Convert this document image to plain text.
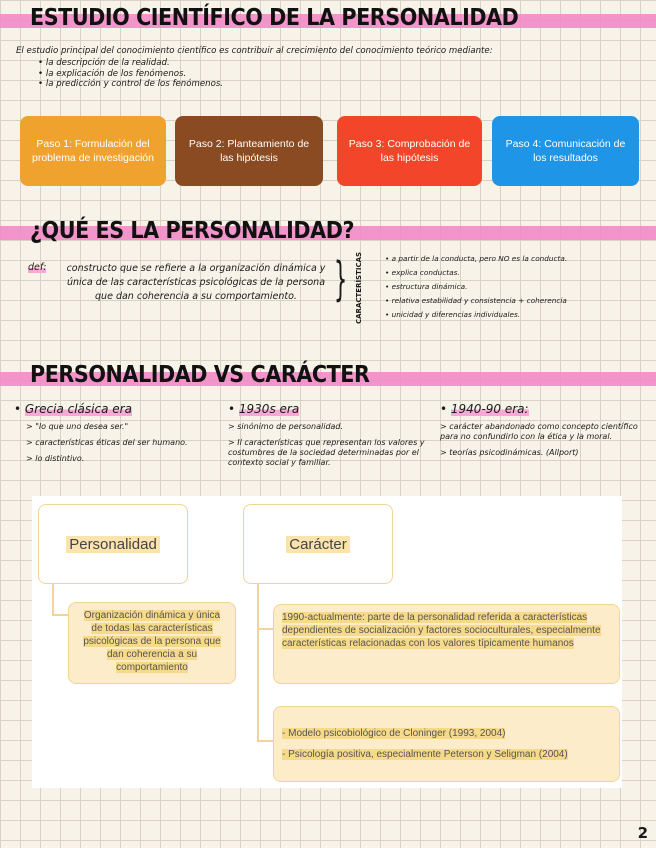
ESTUDIO CIENTÍFICO DE LA PERSONALIDAD
El estudio principal del conocimiento científico es contribuir al crecimiento del conocimiento teórico mediante:
• la descripción de la realidad.
• la explicación de los fenómenos.
• la predicción y control de los fenómenos.
Paso 1: Formulación del problema de investigación
Paso 2: Planteamiento de las hipótesis
Paso 3: Comprobación de las hipótesis
Paso 4: Comunicación de los resultados
¿QUÉ ES LA PERSONALIDAD?
def:	constructo que se refiere a la organización dinámica y única de las características psicológicas de la persona que dan coherencia a su comportamiento. } CARACTERÍSTICAS
•	a partir de la conducta, pero NO es la conducta.
• explica conductas.
• estructura dinámica.
• relativa estabilidad y consistencia + coherencia
• unicidad y diferencias individuales.
PERSONALIDAD VS CARÁCTER
• Grecia clásica era
> "lo que uno desea ser."
> características éticas del ser humano.
> lo distintivo.
• 1930s era
> sinónimo de personalidad.
> Il características que representan los valores y costumbres de la sociedad determinadas por el contexto social y familiar.
• 1940-90 era:
> carácter abandonado como concepto científico para no confundirlo con la ética y la moral.
> teorías psicodinámicas. (Allport)
Personalidad	Carácter
Organización dinámica y única de todas las características psicológicas de la persona que dan coherencia a su comportamiento
1990-actualmente: parte de la personalidad referida a características dependientes de socialización y factores socioculturales, especialmente características relacionadas con los valores típicamente humanos
- Modelo psicobiológico de Cloninger (1993, 2004)
- Psicología positiva, especialmente Peterson y Seligman (2004)
2
